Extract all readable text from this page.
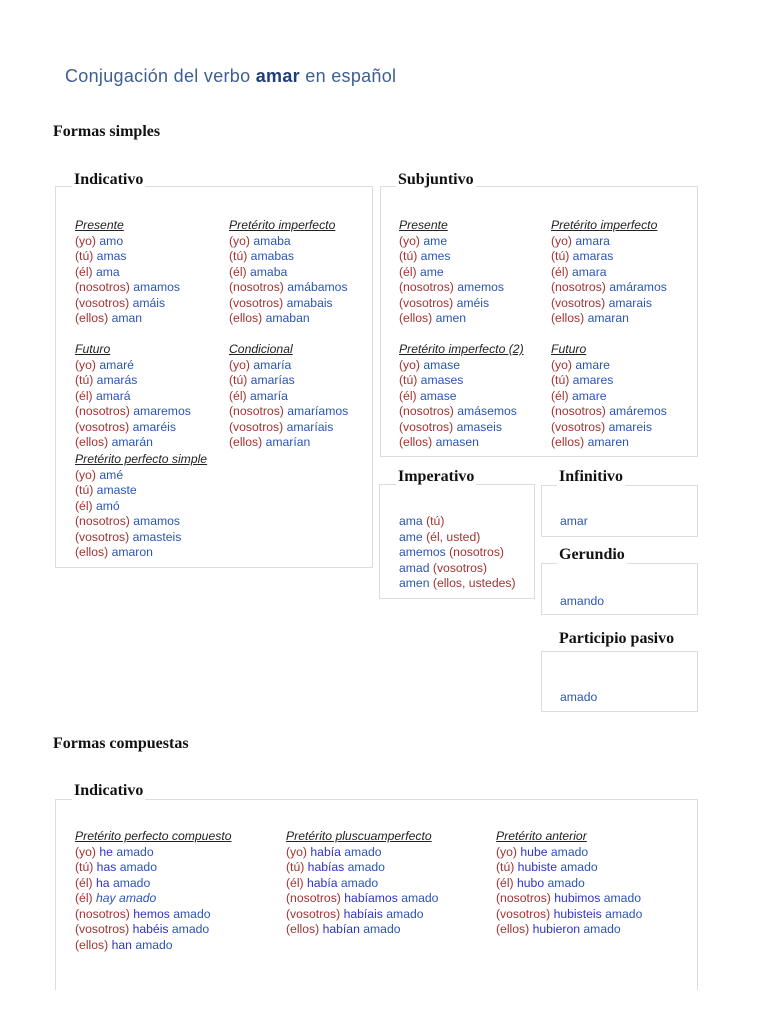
Conjugación del verbo amar en español
Formas simples
Indicativo
Presente
(yo) amo
(tú) amas
(él) ama
(nosotros) amamos
(vosotros) amáis
(ellos) aman
Pretérito imperfecto
(yo) amaba
(tú) amabas
(él) amaba
(nosotros) amábamos
(vosotros) amabais
(ellos) amaban
Futuro
(yo) amaré
(tú) amarás
(él) amará
(nosotros) amaremos
(vosotros) amaréis
(ellos) amarán
Condicional
(yo) amaría
(tú) amarías
(él) amaría
(nosotros) amaríamos
(vosotros) amaríais
(ellos) amarían
Pretérito perfecto simple
(yo) amé
(tú) amaste
(él) amó
(nosotros) amamos
(vosotros) amasteis
(ellos) amaron
Subjuntivo
Presente
(yo) ame
(tú) ames
(él) ame
(nosotros) amemos
(vosotros) améis
(ellos) amen
Pretérito imperfecto
(yo) amara
(tú) amaras
(él) amara
(nosotros) amáramos
(vosotros) amarais
(ellos) amaran
Pretérito imperfecto (2)
(yo) amase
(tú) amases
(él) amase
(nosotros) amásemos
(vosotros) amaseis
(ellos) amasen
Futuro
(yo) amare
(tú) amares
(él) amare
(nosotros) amáremos
(vosotros) amareis
(ellos) amaren
Imperativo
ama (tú)
ame (él, usted)
amemos (nosotros)
amad (vosotros)
amen (ellos, ustedes)
Infinitivo
amar
Gerundio
amando
Participio pasivo
amado
Formas compuestas
Indicativo
Pretérito perfecto compuesto
(yo) he amado
(tú) has amado
(él) ha amado
(él) hay amado
(nosotros) hemos amado
(vosotros) habéis amado
(ellos) han amado
Pretérito pluscuamperfecto
(yo) había amado
(tú) habías amado
(él) había amado
(nosotros) habíamos amado
(vosotros) habíais amado
(ellos) habían amado
Pretérito anterior
(yo) hube amado
(tú) hubiste amado
(él) hubo amado
(nosotros) hubimos amado
(vosotros) hubisteis amado
(ellos) hubieron amado
